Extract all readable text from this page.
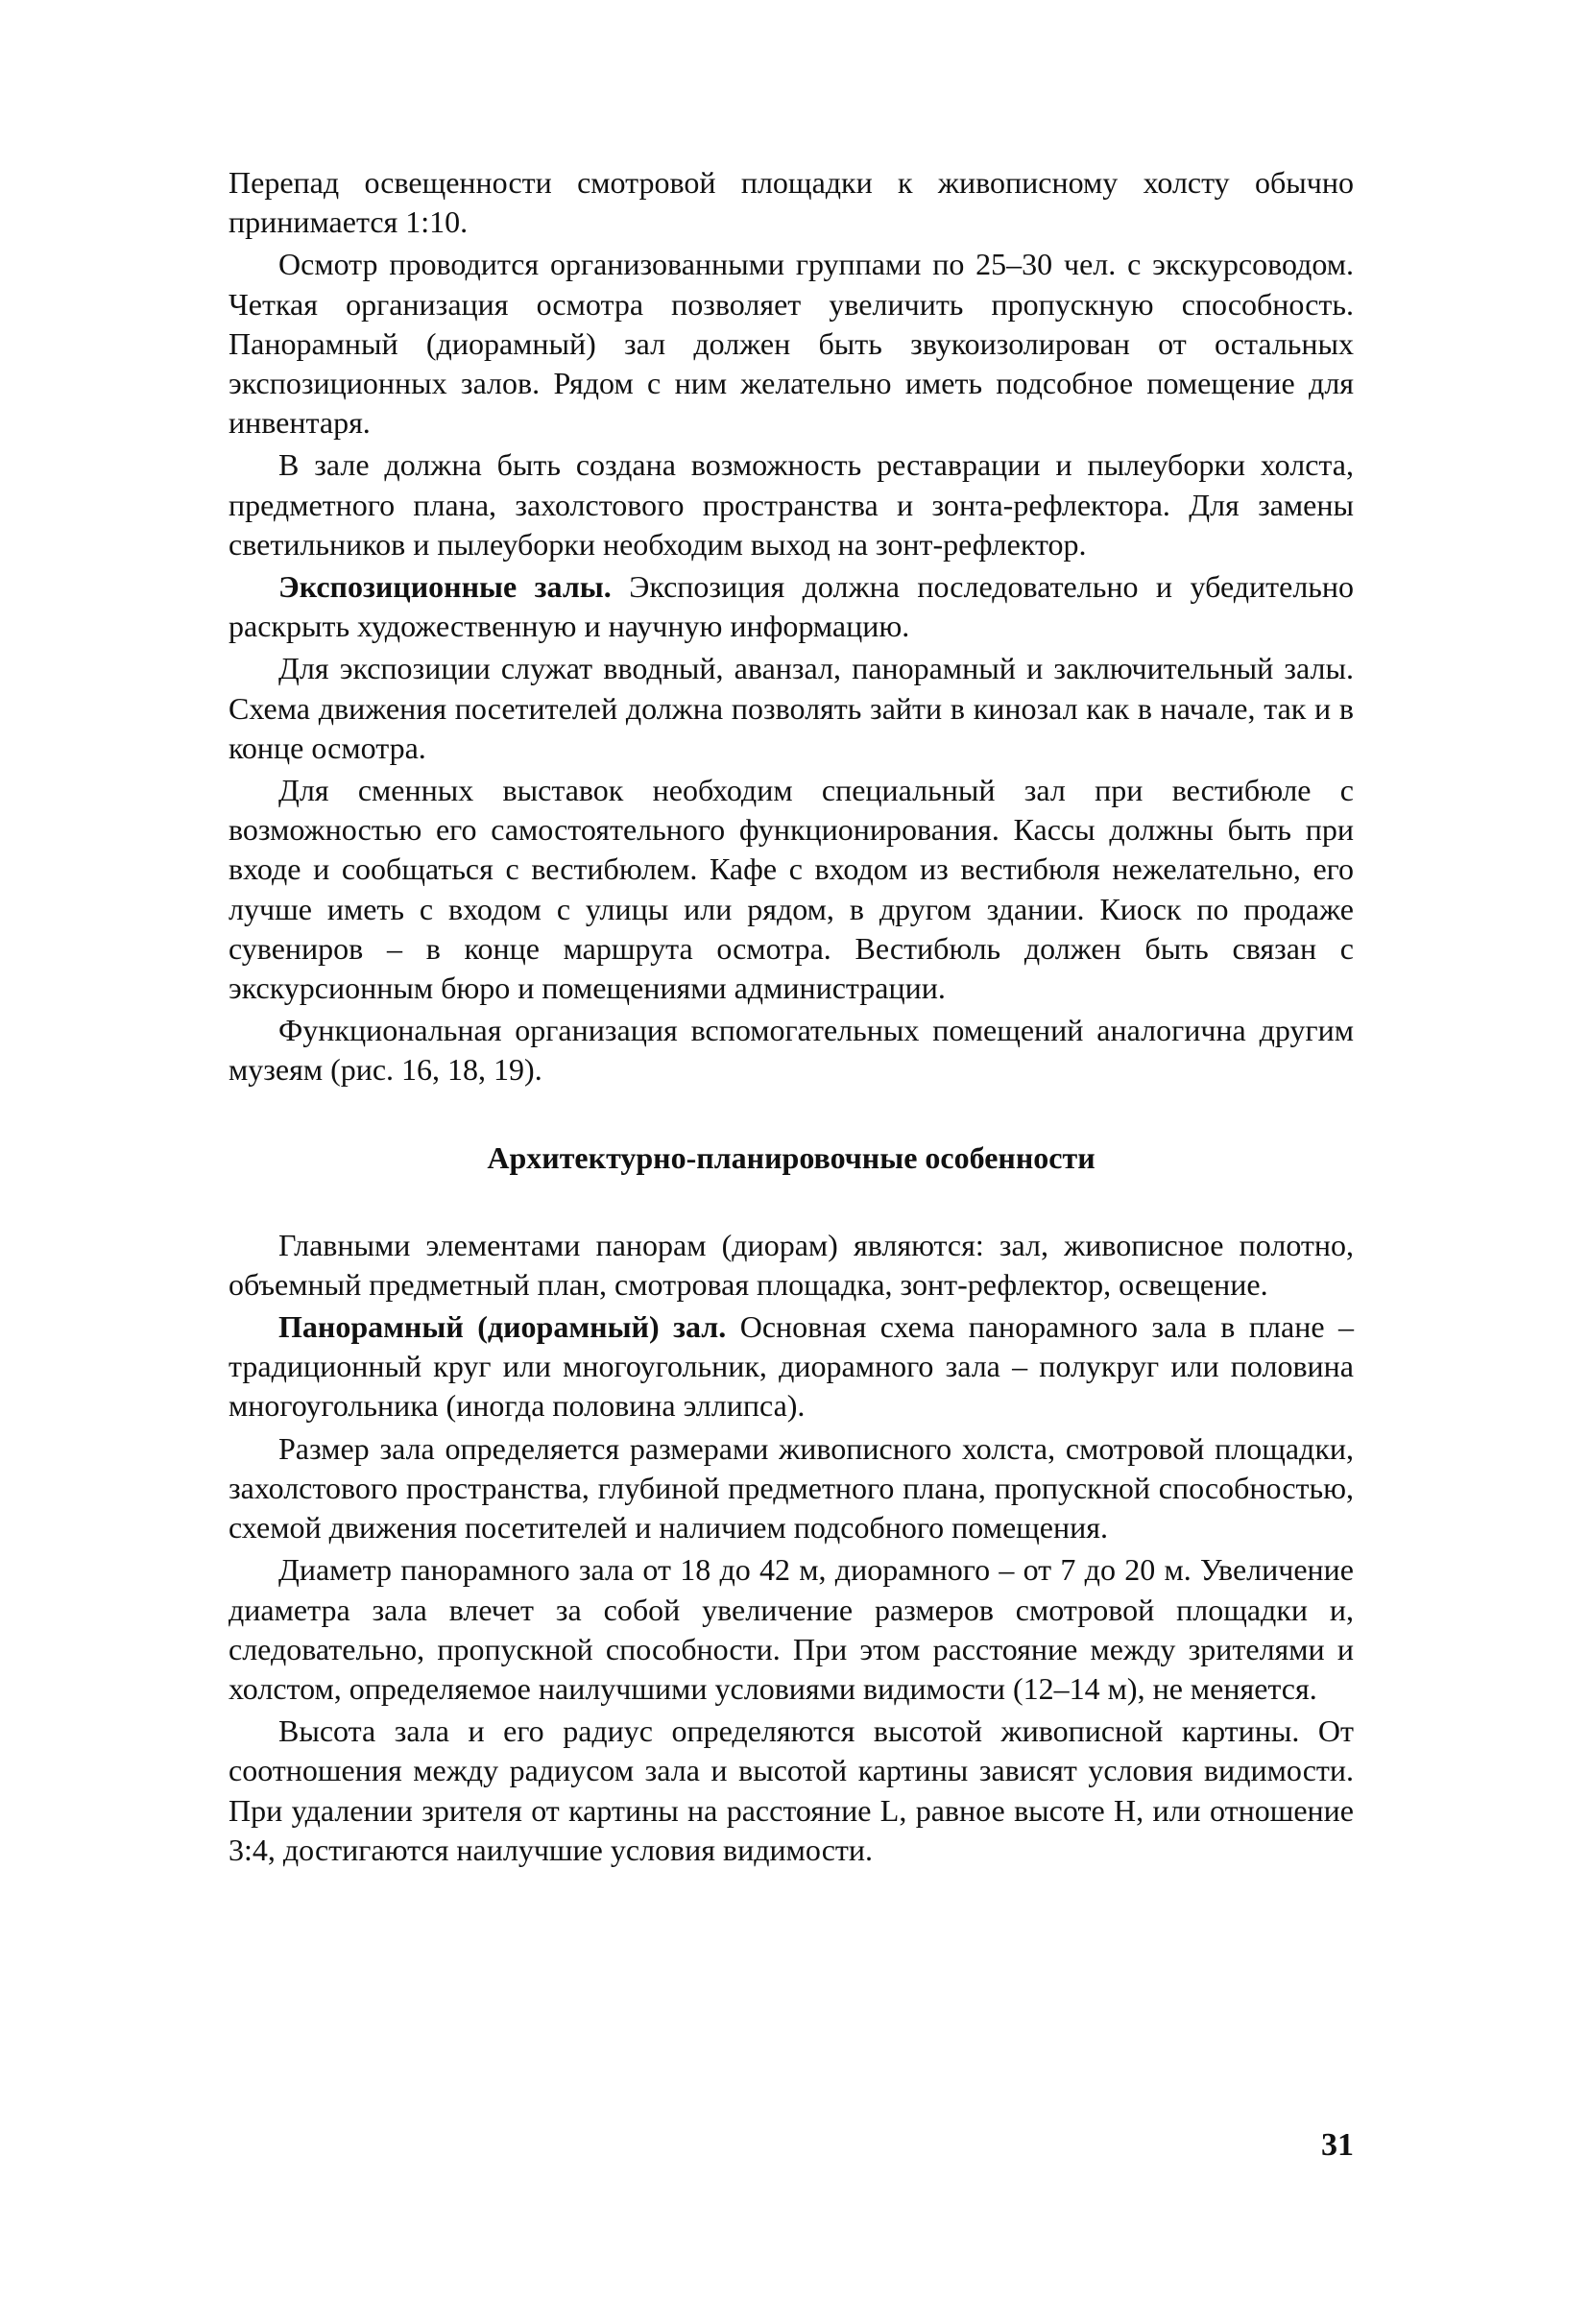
Перепад освещенности смотровой площадки к живописному холсту обычно принимается 1:10.

Осмотр проводится организованными группами по 25–30 чел. с экскурсоводом. Четкая организация осмотра позволяет увеличить пропускную способность. Панорамный (диорамный) зал должен быть звукоизолирован от остальных экспозиционных залов. Рядом с ним желательно иметь подсобное помещение для инвентаря.

В зале должна быть создана возможность реставрации и пылеуборки холста, предметного плана, захолстового пространства и зонта-рефлектора. Для замены светильников и пылеуборки необходим выход на зонт-рефлектор.

Экспозиционные залы. Экспозиция должна последовательно и убедительно раскрыть художественную и научную информацию.

Для экспозиции служат вводный, аванзал, панорамный и заключительный залы. Схема движения посетителей должна позволять зайти в кинозал как в начале, так и в конце осмотра.

Для сменных выставок необходим специальный зал при вестибюле с возможностью его самостоятельного функционирования. Кассы должны быть при входе и сообщаться с вестибюлем. Кафе с входом из вестибюля нежелательно, его лучше иметь с входом с улицы или рядом, в другом здании. Киоск по продаже сувениров – в конце маршрута осмотра. Вестибюль должен быть связан с экскурсионным бюро и помещениями администрации.

Функциональная организация вспомогательных помещений аналогична другим музеям (рис. 16, 18, 19).

Архитектурно-планировочные особенности

Главными элементами панорам (диорам) являются: зал, живописное полотно, объемный предметный план, смотровая площадка, зонт-рефлектор, освещение.

Панорамный (диорамный) зал. Основная схема панорамного зала в плане – традиционный круг или многоугольник, диорамного зала – полукруг или половина многоугольника (иногда половина эллипса).

Размер зала определяется размерами живописного холста, смотровой площадки, захолстового пространства, глубиной предметного плана, пропускной способностью, схемой движения посетителей и наличием подсобного помещения.

Диаметр панорамного зала от 18 до 42 м, диорамного – от 7 до 20 м. Увеличение диаметра зала влечет за собой увеличение размеров смотровой площадки и, следовательно, пропускной способности. При этом расстояние между зрителями и холстом, определяемое наилучшими условиями видимости (12–14 м), не меняется.

Высота зала и его радиус определяются высотой живописной картины. От соотношения между радиусом зала и высотой картины зависят условия видимости. При удалении зрителя от картины на расстояние L, равное высоте H, или отношение 3:4, достигаются наилучшие условия видимости.

31
